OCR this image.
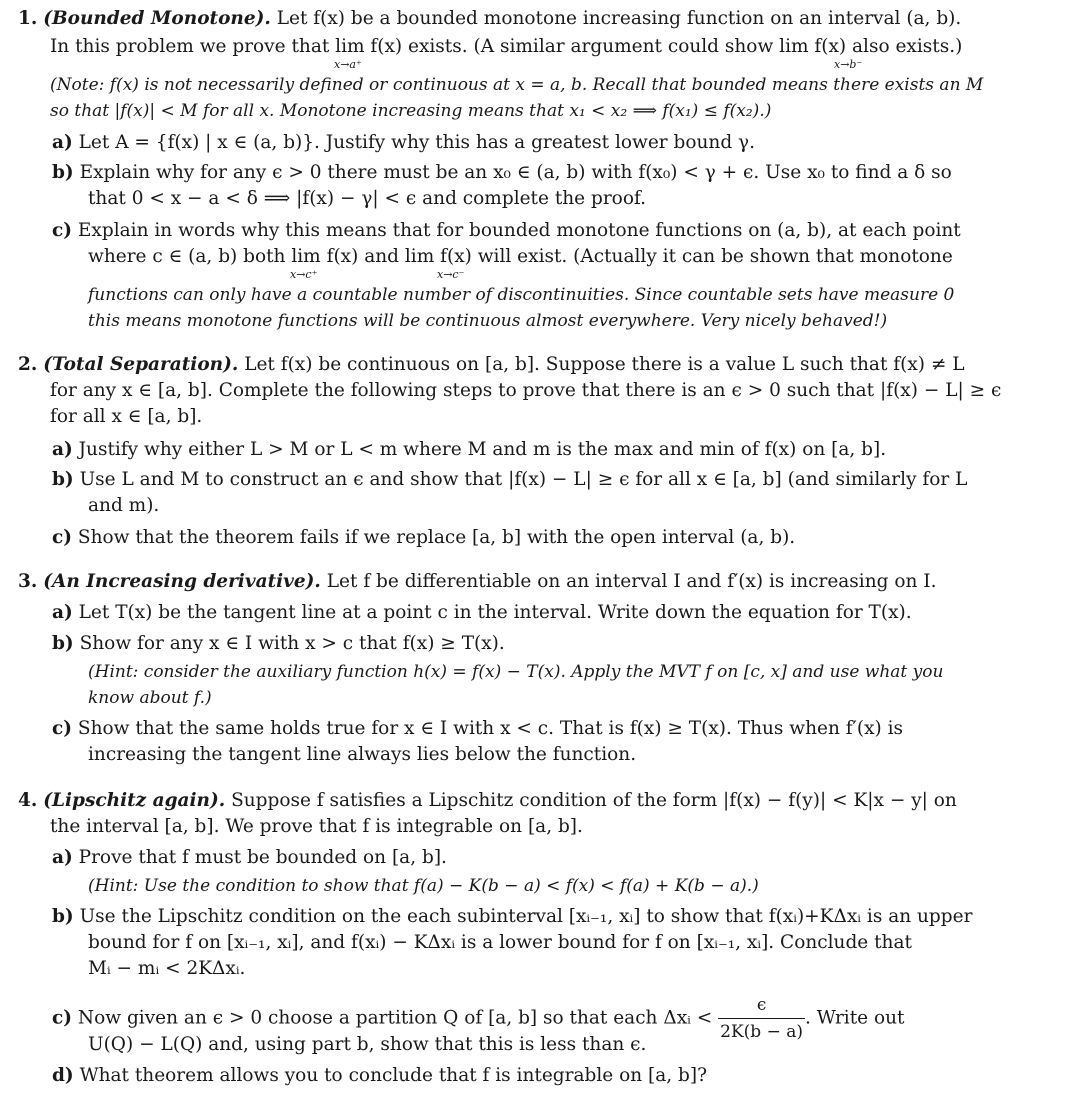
1. (Bounded Monotone). Let f(x) be a bounded monotone increasing function on an interval (a, b).
In this problem we prove that lim f(x) exists. (A similar argument could show lim f(x) also exists.)
x→a⁺	x→b⁻
(Note: f(x) is not necessarily defined or continuous at x = a, b. Recall that bounded means there exists an M
so that |f(x)| < M for all x. Monotone increasing means that x₁ < x₂ ⟹ f(x₁) ≤ f(x₂).)
a) Let A = {f(x) | x ∈ (a, b)}. Justify why this has a greatest lower bound γ.
b) Explain why for any ϵ > 0 there must be an x₀ ∈ (a, b) with f(x₀) < γ + ϵ. Use x₀ to find a δ so
that 0 < x − a < δ ⟹ |f(x) − γ| < ϵ and complete the proof.
c) Explain in words why this means that for bounded monotone functions on (a, b), at each point
where c ∈ (a, b) both lim f(x) and lim f(x) will exist. (Actually it can be shown that monotone
x→c⁺	x→c⁻
functions can only have a countable number of discontinuities. Since countable sets have measure 0
this means monotone functions will be continuous almost everywhere. Very nicely behaved!)
2. (Total Separation). Let f(x) be continuous on [a, b]. Suppose there is a value L such that f(x) ≠ L
for any x ∈ [a, b]. Complete the following steps to prove that there is an ϵ > 0 such that |f(x) − L| ≥ ϵ
for all x ∈ [a, b].
a) Justify why either L > M or L < m where M and m is the max and min of f(x) on [a, b].
b) Use L and M to construct an ϵ and show that |f(x) − L| ≥ ϵ for all x ∈ [a, b] (and similarly for L
and m).
c) Show that the theorem fails if we replace [a, b] with the open interval (a, b).
3. (An Increasing derivative). Let f be differentiable on an interval I and f′(x) is increasing on I.
a) Let T(x) be the tangent line at a point c in the interval. Write down the equation for T(x).
b) Show for any x ∈ I with x > c that f(x) ≥ T(x).
(Hint: consider the auxiliary function h(x) = f(x) − T(x). Apply the MVT f on [c, x] and use what you
know about f.)
c) Show that the same holds true for x ∈ I with x < c. That is f(x) ≥ T(x). Thus when f′(x) is
increasing the tangent line always lies below the function.
4. (Lipschitz again). Suppose f satisfies a Lipschitz condition of the form |f(x) − f(y)| < K|x − y| on
the interval [a, b]. We prove that f is integrable on [a, b].
a) Prove that f must be bounded on [a, b].
(Hint: Use the condition to show that f(a) − K(b − a) < f(x) < f(a) + K(b − a).)
b) Use the Lipschitz condition on the each subinterval [xᵢ₋₁, xᵢ] to show that f(xᵢ)+KΔxᵢ is an upper
bound for f on [xᵢ₋₁, xᵢ], and f(xᵢ) − KΔxᵢ is a lower bound for f on [xᵢ₋₁, xᵢ]. Conclude that
Mᵢ − mᵢ < 2KΔxᵢ.
c) Now given an ϵ > 0 choose a partition Q of [a, b] so that each Δxᵢ < $\frac{\epsilon}{2K(b - a)}$ . Write out
U(Q) − L(Q) and, using part b, show that this is less than ϵ.
d) What theorem allows you to conclude that f is integrable on [a, b]?
